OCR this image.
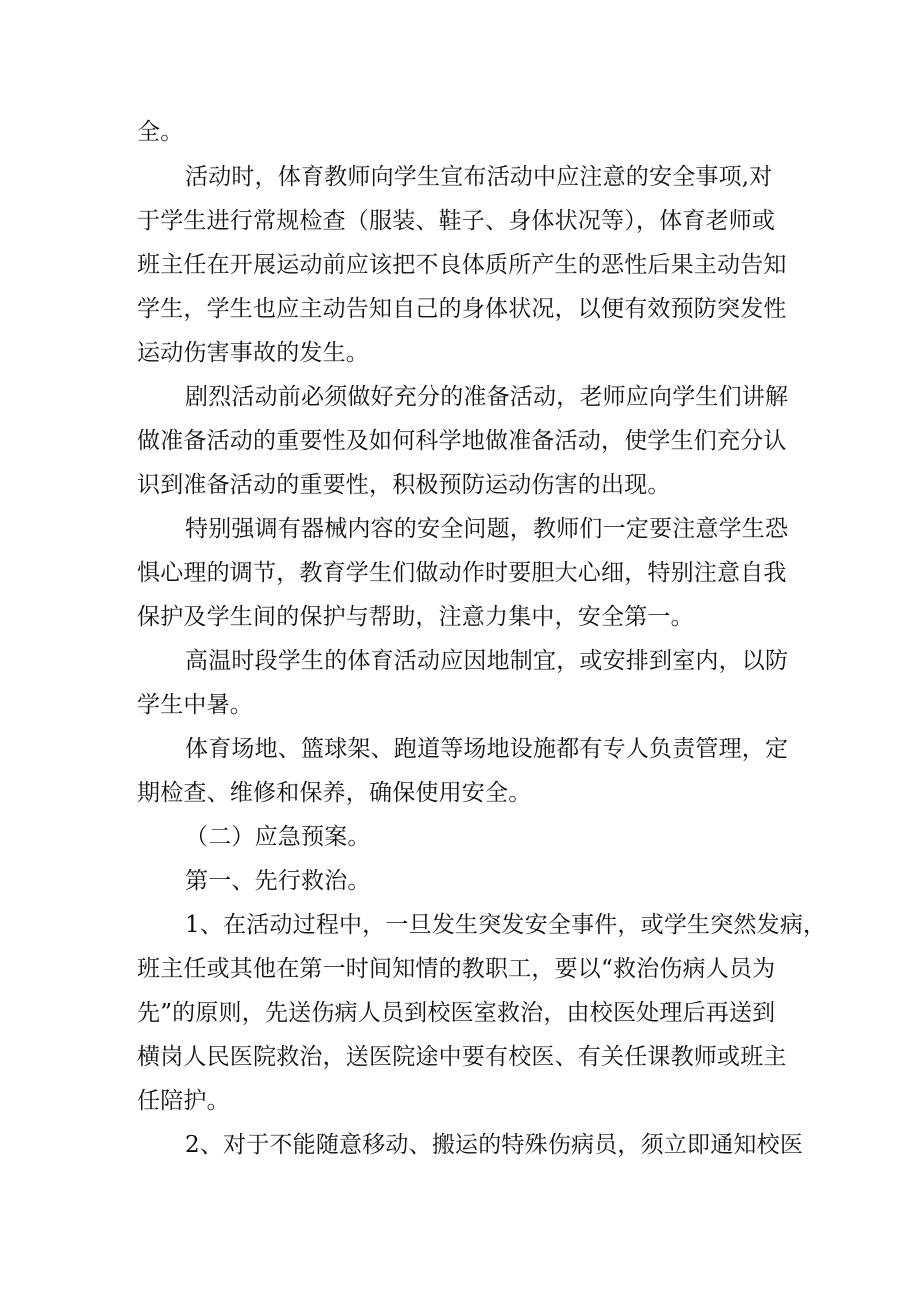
全。
活动时，体育教师向学生宣布活动中应注意的安全事项,对
于学生进行常规检查（服装、鞋子、身体状况等），体育老师或
班主任在开展运动前应该把不良体质所产生的恶性后果主动告知
学生，学生也应主动告知自己的身体状况，以便有效预防突发性
运动伤害事故的发生。
剧烈活动前必须做好充分的准备活动，老师应向学生们讲解
做准备活动的重要性及如何科学地做准备活动，使学生们充分认
识到准备活动的重要性，积极预防运动伤害的出现。
特别强调有器械内容的安全问题，教师们一定要注意学生恐
惧心理的调节，教育学生们做动作时要胆大心细，特别注意自我
保护及学生间的保护与帮助，注意力集中，安全第一。
高温时段学生的体育活动应因地制宜，或安排到室内，以防
学生中暑。
体育场地、篮球架、跑道等场地设施都有专人负责管理，定
期检查、维修和保养，确保使用安全。
（二）应急预案。
第一、先行救治。
1、在活动过程中，一旦发生突发安全事件，或学生突然发病，
班主任或其他在第一时间知情的教职工，要以“救治伤病人员为
先”的原则，先送伤病人员到校医室救治，由校医处理后再送到
横岗人民医院救治，送医院途中要有校医、有关任课教师或班主
任陪护。
2、对于不能随意移动、搬运的特殊伤病员，须立即通知校医
